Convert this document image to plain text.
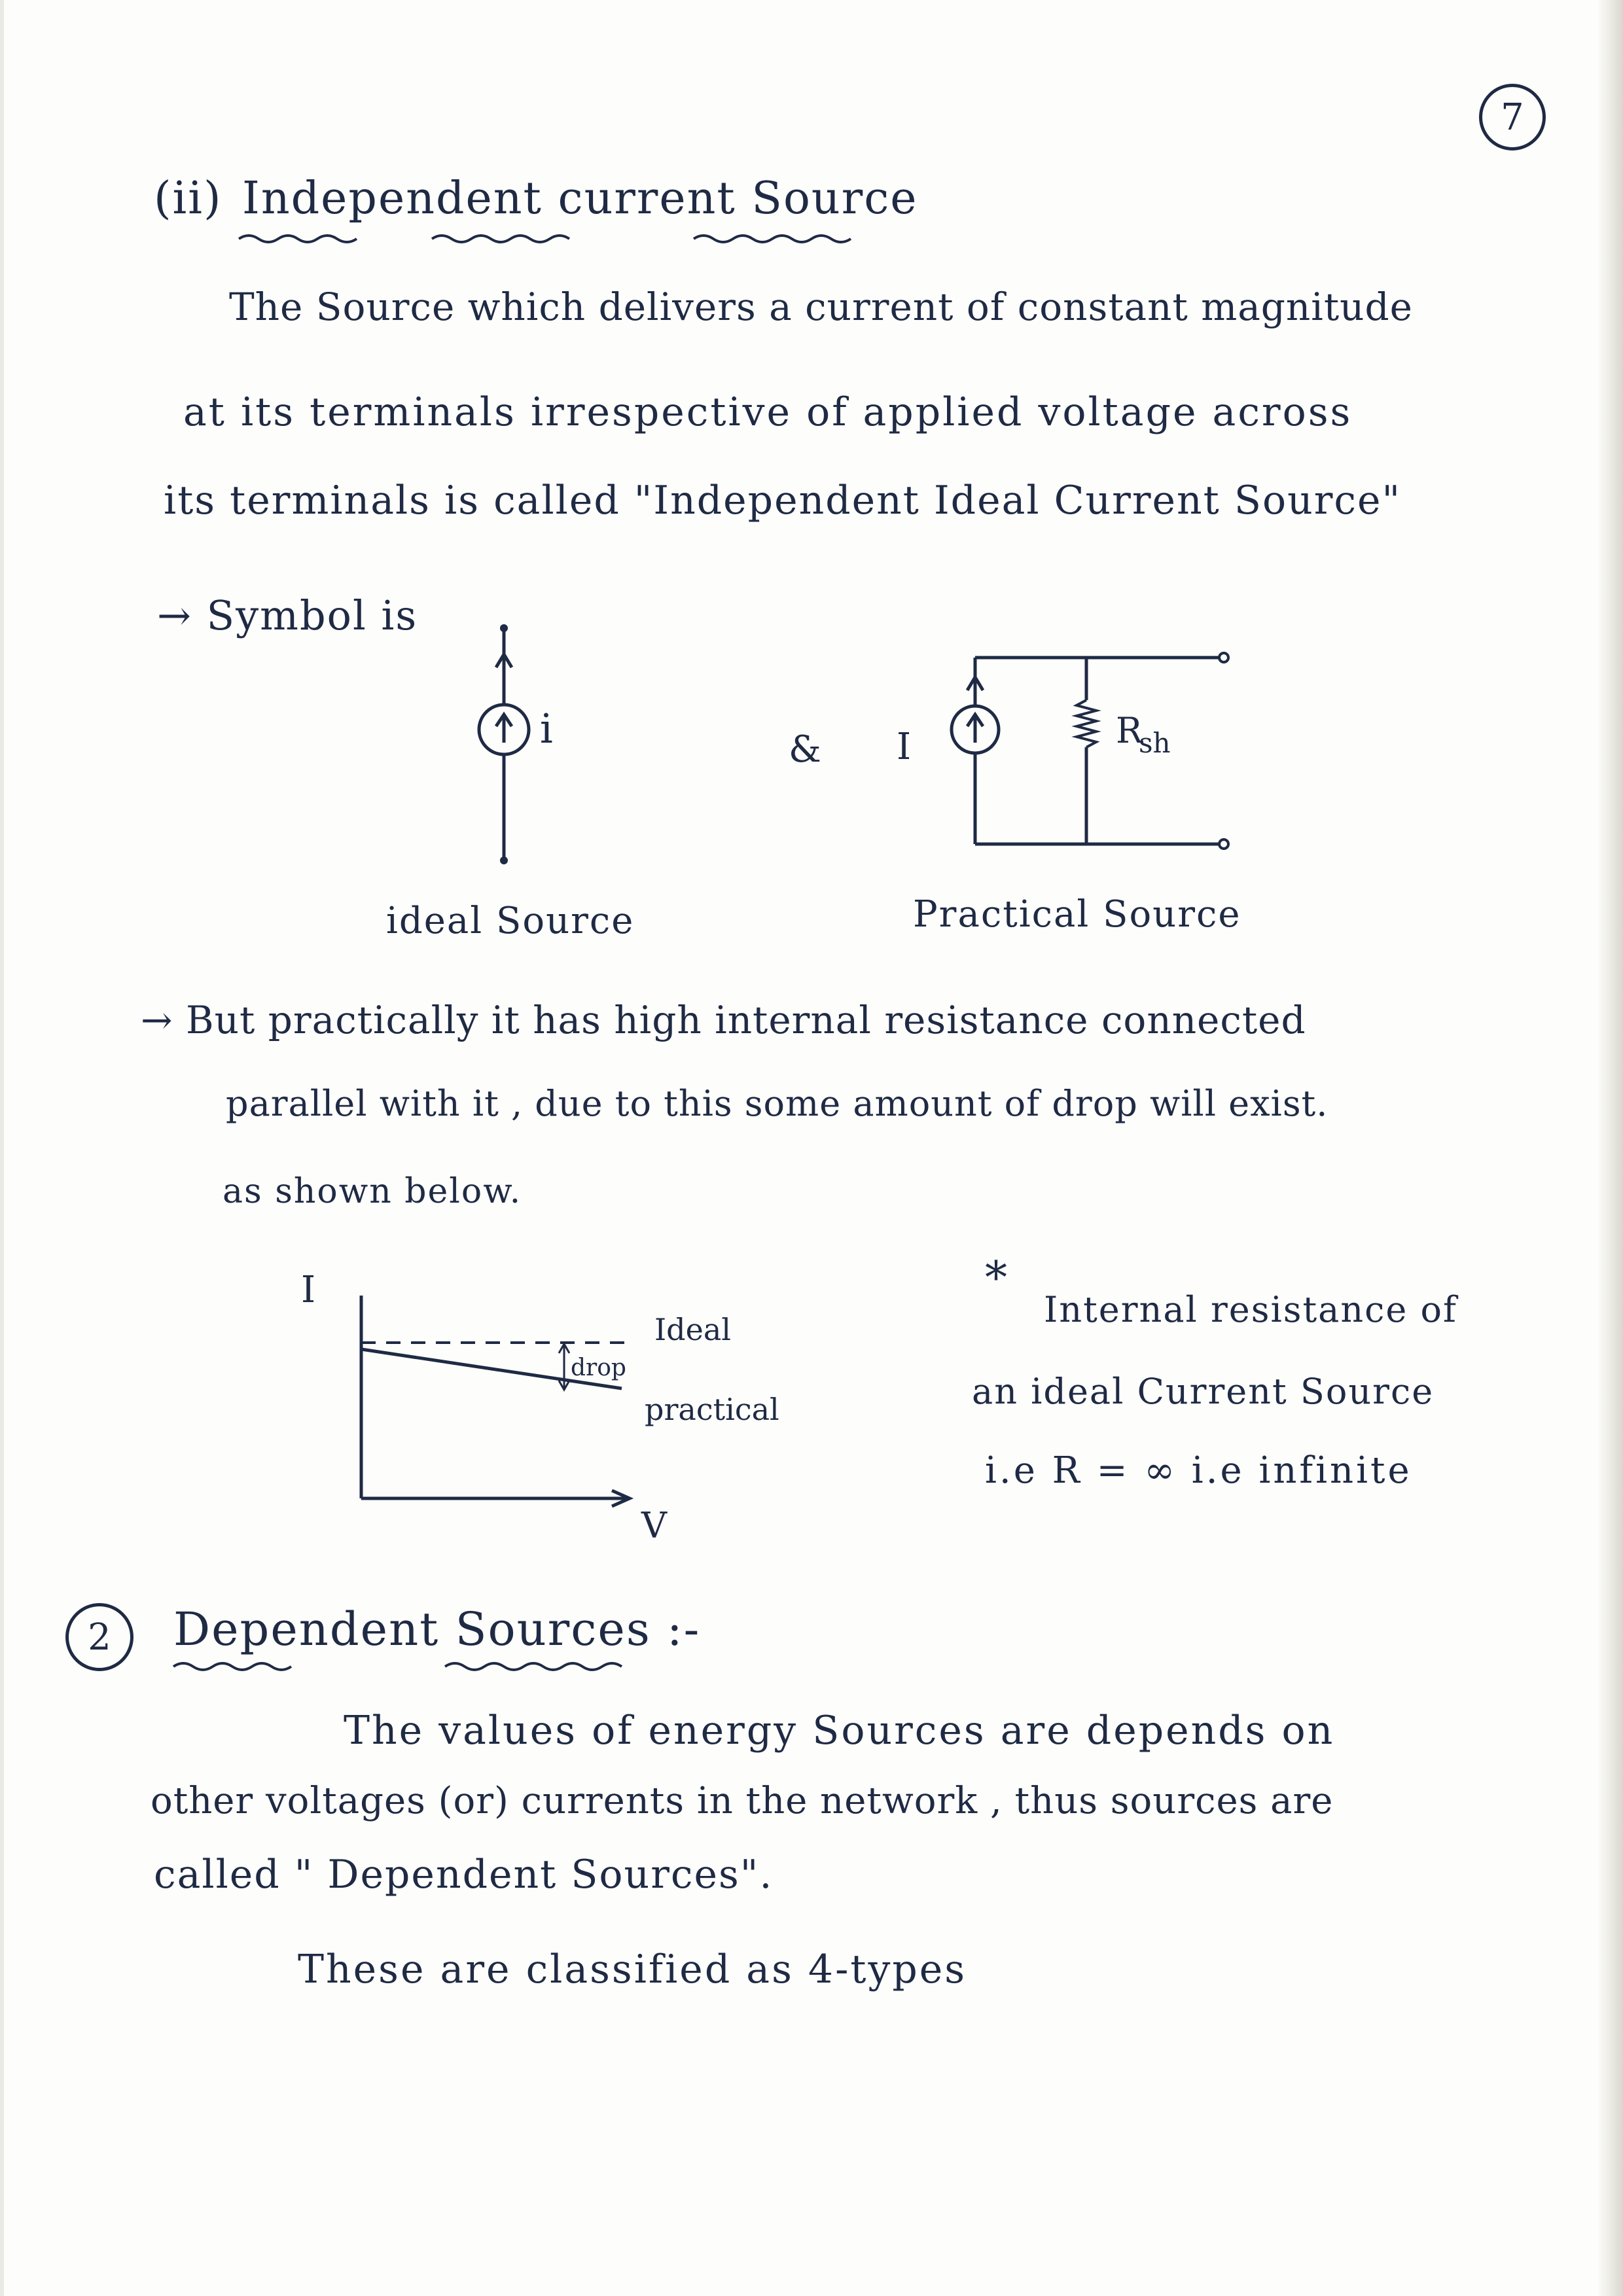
7
(ii) Independent current Source
The Source which delivers a current of constant magnitude
at its terminals irrespective of applied voltage across
its terminals is called "Independent Ideal Current Source"
→ Symbol is
i	& I	R
sh
ideal Source	Practical Source
→ But practically it has high internal resistance connected
parallel with it , due to this some amount of drop will exist.
as shown below.
I
V
drop
Ideal
practical
*
Internal resistance of
an ideal Current Source
i.e R = ∞ i.e infinite
2 Dependent Sources :-
The values of energy Sources are depends on
other voltages (or) currents in the network , thus sources are
called " Dependent Sources".
These are classified as 4-types
